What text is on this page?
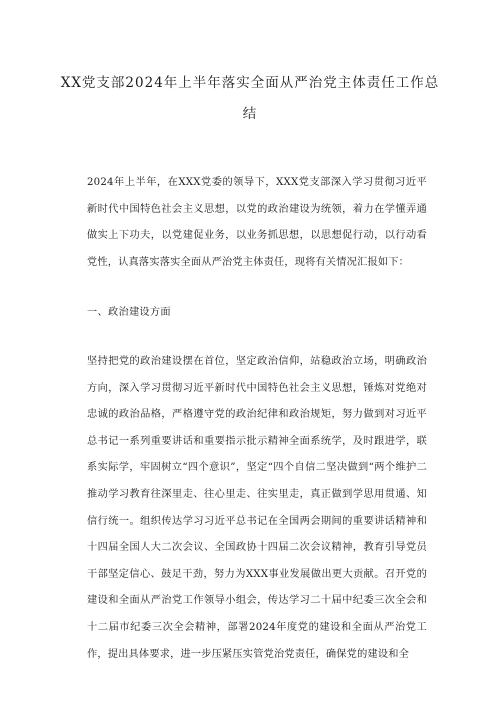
XX党支部2024年上半年落实全面从严治党主体责任工作总
结

2024年上半年，在XXX党委的领导下，XXX党支部深入学习贯彻习近平新时代中国特色社会主义思想，以党的政治建设为统领，着力在学懂弄通做实上下功夫，以党建促业务，以业务抓思想，以思想促行动，以行动看党性，认真落实落实全面从严治党主体责任，现将有关情况汇报如下：

一、政治建设方面

坚持把党的政治建设摆在首位，坚定政治信仰，站稳政治立场，明确政治方向，深入学习贯彻习近平新时代中国特色社会主义思想，锤炼对党绝对忠诚的政治品格，严格遵守党的政治纪律和政治规矩，努力做到对习近平总书记一系列重要讲话和重要指示批示精神全面系统学，及时跟进学，联系实际学，牢固树立“四个意识”，坚定“四个自信二坚决做到“两个维护二推动学习教育往深里走、往心里走、往实里走，真正做到学思用贯通、知信行统一。组织传达学习习近平总书记在全国两会期间的重要讲话精神和十四届全国人大二次会议、全国政协十四届二次会议精神，教育引导党员干部坚定信心、鼓足干劲，努力为XXX事业发展做出更大贡献。召开党的建设和全面从严治党工作领导小组会，传达学习二十届中纪委三次全会和十二届市纪委三次全会精神，部署2024年度党的建设和全面从严治党工作，提出具体要求，进一步压紧压实管党治党责任，确保党的建设和全
